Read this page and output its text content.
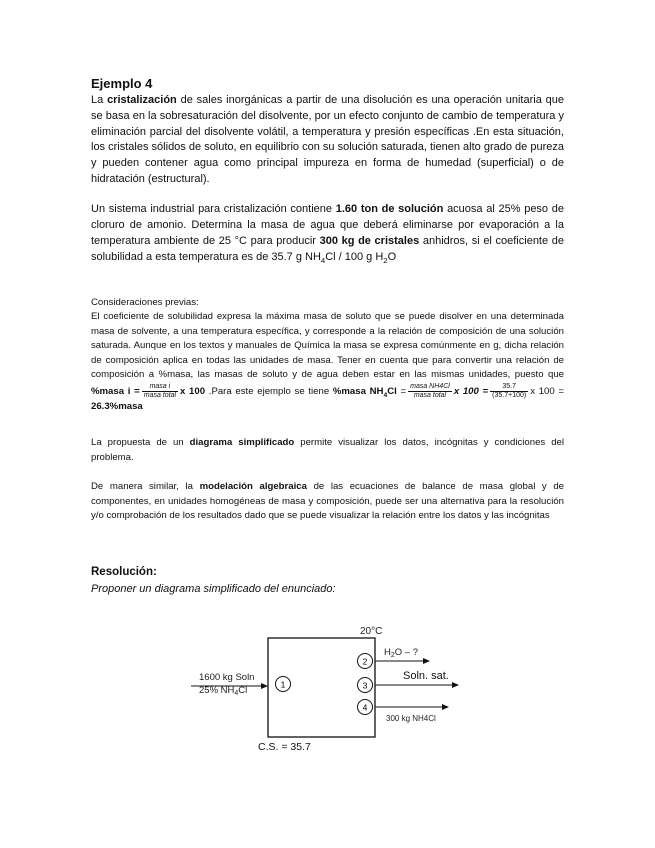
Ejemplo 4

La cristalización de sales inorgánicas a partir de una disolución es una operación unitaria que se basa en la sobresaturación del disolvente, por un efecto conjunto de cambio de temperatura y eliminación parcial del disolvente volátil, a temperatura y presión específicas .En esta situación, los cristales sólidos de soluto, en equilibrio con su solución saturada, tienen alto grado de pureza y pueden contener agua como principal impureza en forma de humedad (superficial) o de hidratación (estructural).

Un sistema industrial para cristalización contiene 1.60 ton de solución acuosa al 25% peso de cloruro de amonio. Determina la masa de agua que deberá eliminarse por evaporación a la temperatura ambiente de 25 °C para producir 300 kg de cristales anhidros, si el coeficiente de solubilidad a esta temperatura es de 35.7 g $NH_4Cl / 100$ g $H_2O$

Consideraciones previas:

El coeficiente de solubilidad expresa la máxima masa de soluto que se puede disolver en una determinada masa de solvente, a una temperatura específica, y corresponde a la relación de composición de una solución saturada. Aunque en los textos y manuales de Química la masa se expresa comúnmente en g, dicha relación de composición aplica en todas las unidades de masa. Tener en cuenta que para convertir una relación de composición a %masa, las masas de soluto y de agua deben estar en las mismas unidades, puesto que %masa $i = \frac{\text{masa i}}{\text{masa total}}$ x 100 .Para este ejemplo se tiene %masa $NH_4Cl = \frac{\text{masa NH4Cl}}{\text{masa total}}$ x $100 = \frac{35.7}{(35.7+100)}$ x 100 = 26.3%masa

La propuesta de un diagrama simplificado permite visualizar los datos, incógnitas y condiciones del problema.

De manera similar, la modelación algebraica de las ecuaciones de balance de masa global y de componentes, en unidades homogéneas de masa y composición, puede ser una alternativa para la resolución y/o comprobación de los resultados dado que se puede visualizar la relación entre los datos y las incógnitas

Resolución:

Proponer un diagrama simplificado del enunciado:

1600 kg Soln
25% $NH_4Cl$
1
20°C
2
$H_2O$ – ?
3
Soln. sat.
4
300 kg NH4Cl
C.S. = 35.7
